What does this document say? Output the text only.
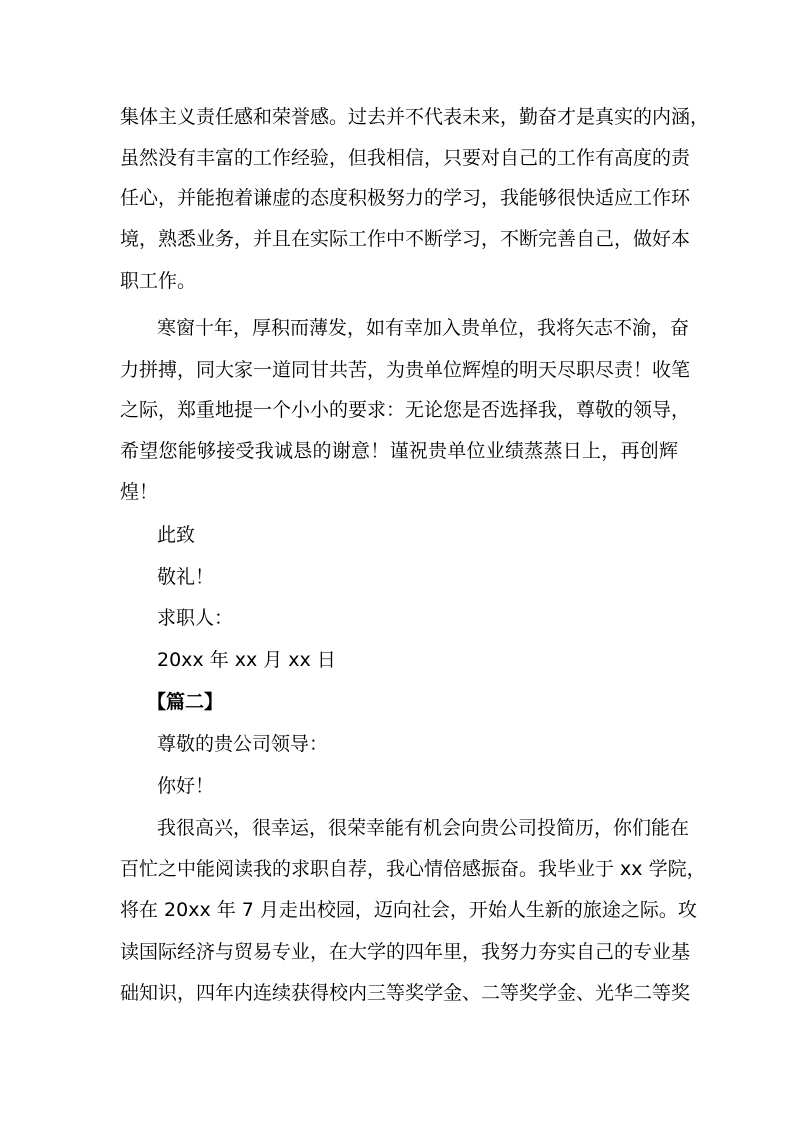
集体主义责任感和荣誉感。过去并不代表未来，勤奋才是真实的内涵，
虽然没有丰富的工作经验，但我相信，只要对自己的工作有高度的责
任心，并能抱着谦虚的态度积极努力的学习，我能够很快适应工作环
境，熟悉业务，并且在实际工作中不断学习，不断完善自己，做好本
职工作。
寒窗十年，厚积而薄发，如有幸加入贵单位，我将矢志不渝，奋
力拼搏，同大家一道同甘共苦，为贵单位辉煌的明天尽职尽责！收笔
之际，郑重地提一个小小的要求：无论您是否选择我，尊敬的领导，
希望您能够接受我诚恳的谢意！谨祝贵单位业绩蒸蒸日上，再创辉
煌！
此致
敬礼！
求职人：
20xx 年 xx 月 xx 日
【篇二】
尊敬的贵公司领导：
你好！
我很高兴，很幸运，很荣幸能有机会向贵公司投简历，你们能在
百忙之中能阅读我的求职自荐，我心情倍感振奋。我毕业于 xx 学院，
将在 20xx 年 7 月走出校园，迈向社会，开始人生新的旅途之际。攻
读国际经济与贸易专业，在大学的四年里，我努力夯实自己的专业基
础知识，四年内连续获得校内三等奖学金、二等奖学金、光华二等奖
